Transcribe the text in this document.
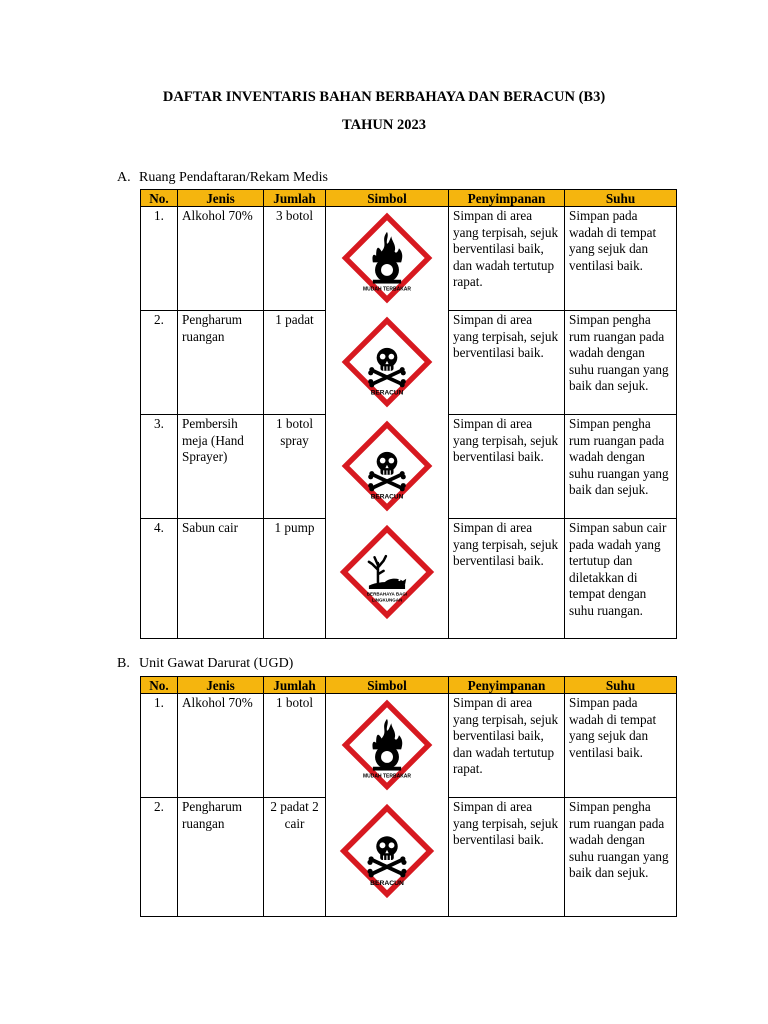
DAFTAR INVENTARIS BAHAN BERBAHAYA DAN BERACUN (B3)
TAHUN 2023
A. Ruang Pendaftaran/Rekam Medis
No.	Jenis	Jumlah	Simbol	Penyimpanan	Suhu
1.	Alkohol 70%	3 botol	MUDAH TERBAKAR	Simpan di area yang terpisah, sejuk berventilasi baik, dan wadah tertutup rapat.	Simpan pada wadah di tempat yang sejuk dan ventilasi baik.
2.	Pengharum ruangan	1 padat	BERACUN	Simpan di area yang terpisah, sejuk berventilasi baik.	Simpan pengha rum ruangan pada wadah dengan suhu ruangan yang baik dan sejuk.
3.	Pembersih meja (Hand Sprayer)	1 botol spray	BERACUN	Simpan di area yang terpisah, sejuk berventilasi baik.	Simpan pengha rum ruangan pada wadah dengan suhu ruangan yang baik dan sejuk.
4.	Sabun cair	1 pump	BERBAHAYA BAGI LINGKUNGAN	Simpan di area yang terpisah, sejuk berventilasi baik.	Simpan sabun cair pada wadah yang tertutup dan diletakkan di tempat dengan suhu ruangan.
B. Unit Gawat Darurat (UGD)
No.	Jenis	Jumlah	Simbol	Penyimpanan	Suhu
1.	Alkohol 70%	1 botol	MUDAH TERBAKAR	Simpan di area yang terpisah, sejuk berventilasi baik, dan wadah tertutup rapat.	Simpan pada wadah di tempat yang sejuk dan ventilasi baik.
2.	Pengharum ruangan	2 padat 2 cair	BERACUN	Simpan di area yang terpisah, sejuk berventilasi baik.	Simpan pengha rum ruangan pada wadah dengan suhu ruangan yang baik dan sejuk.
